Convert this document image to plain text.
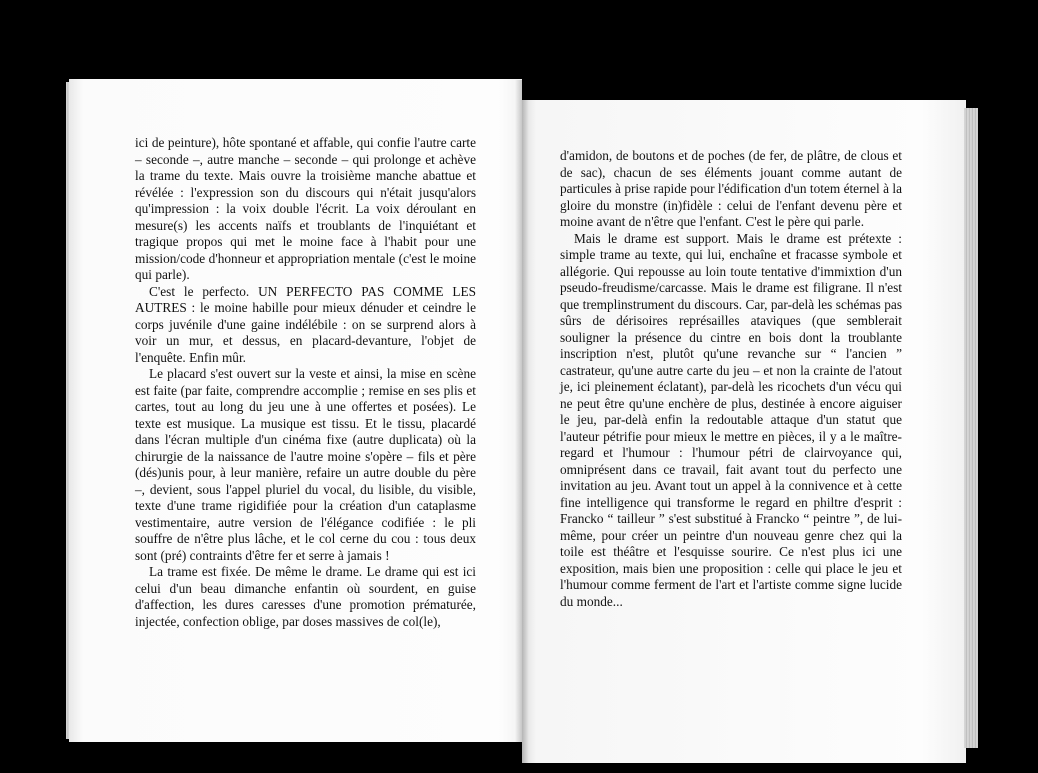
ici de peinture), hôte spontané et affable, qui confie l'autre carte – seconde –, autre manche – seconde – qui prolonge et achève la trame du texte. Mais ouvre la troisième manche abattue et révélée : l'expression son du discours qui n'était jusqu'alors qu'impression : la voix double l'écrit. La voix déroulant en mesure(s) les accents naïfs et troublants de l'inquiétant et tragique propos qui met le moine face à l'habit pour une mission/code d'honneur et appropriation mentale (c'est le moine qui parle).

C'est le perfecto. UN PERFECTO PAS COMME LES AUTRES : le moine habille pour mieux dénuder et ceindre le corps juvénile d'une gaine indélébile : on se surprend alors à voir un mur, et dessus, en placard-devanture, l'objet de l'enquête. Enfin mûr.

Le placard s'est ouvert sur la veste et ainsi, la mise en scène est faite (par faite, comprendre accomplie ; remise en ses plis et cartes, tout au long du jeu une à une offertes et posées). Le texte est musique. La musique est tissu. Et le tissu, placardé dans l'écran multiple d'un cinéma fixe (autre duplicata) où la chirurgie de la naissance de l'autre moine s'opère – fils et père (dés)unis pour, à leur manière, refaire un autre double du père –, devient, sous l'appel pluriel du vocal, du lisible, du visible, texte d'une trame rigidifiée pour la création d'un cataplasme vestimentaire, autre version de l'élégance codifiée : le pli souffre de n'être plus lâche, et le col cerne du cou : tous deux sont (pré) contraints d'être fer et serre à jamais !

La trame est fixée. De même le drame. Le drame qui est ici celui d'un beau dimanche enfantin où sourdent, en guise d'affection, les dures caresses d'une promotion prématurée, injectée, confection oblige, par doses massives de col(le),

d'amidon, de boutons et de poches (de fer, de plâtre, de clous et de sac), chacun de ses éléments jouant comme autant de particules à prise rapide pour l'édification d'un totem éternel à la gloire du monstre (in)fidèle : celui de l'enfant devenu père et moine avant de n'être que l'enfant. C'est le père qui parle.

Mais le drame est support. Mais le drame est prétexte : simple trame au texte, qui lui, enchaîne et fracasse symbole et allégorie. Qui repousse au loin toute tentative d'immixtion d'un pseudo-freudisme/carcasse. Mais le drame est filigrane. Il n'est que tremplinstrument du discours. Car, par-delà les schémas pas sûrs de dérisoires représailles ataviques (que semblerait souligner la présence du cintre en bois dont la troublante inscription n'est, plutôt qu'une revanche sur “ l'ancien ” castrateur, qu'une autre carte du jeu – et non la crainte de l'atout je, ici pleinement éclatant), par-delà les ricochets d'un vécu qui ne peut être qu'une enchère de plus, destinée à encore aiguiser le jeu, par-delà enfin la redoutable attaque d'un statut que l'auteur pétrifie pour mieux le mettre en pièces, il y a le maître-regard et l'humour : l'humour pétri de clairvoyance qui, omniprésent dans ce travail, fait avant tout du perfecto une invitation au jeu. Avant tout un appel à la connivence et à cette fine intelligence qui transforme le regard en philtre d'esprit : Francko “ tailleur ” s'est substitué à Francko “ peintre ”, de lui-même, pour créer un peintre d'un nouveau genre chez qui la toile est théâtre et l'esquisse sourire. Ce n'est plus ici une exposition, mais bien une proposition : celle qui place le jeu et l'humour comme ferment de l'art et l'artiste comme signe lucide du monde...
